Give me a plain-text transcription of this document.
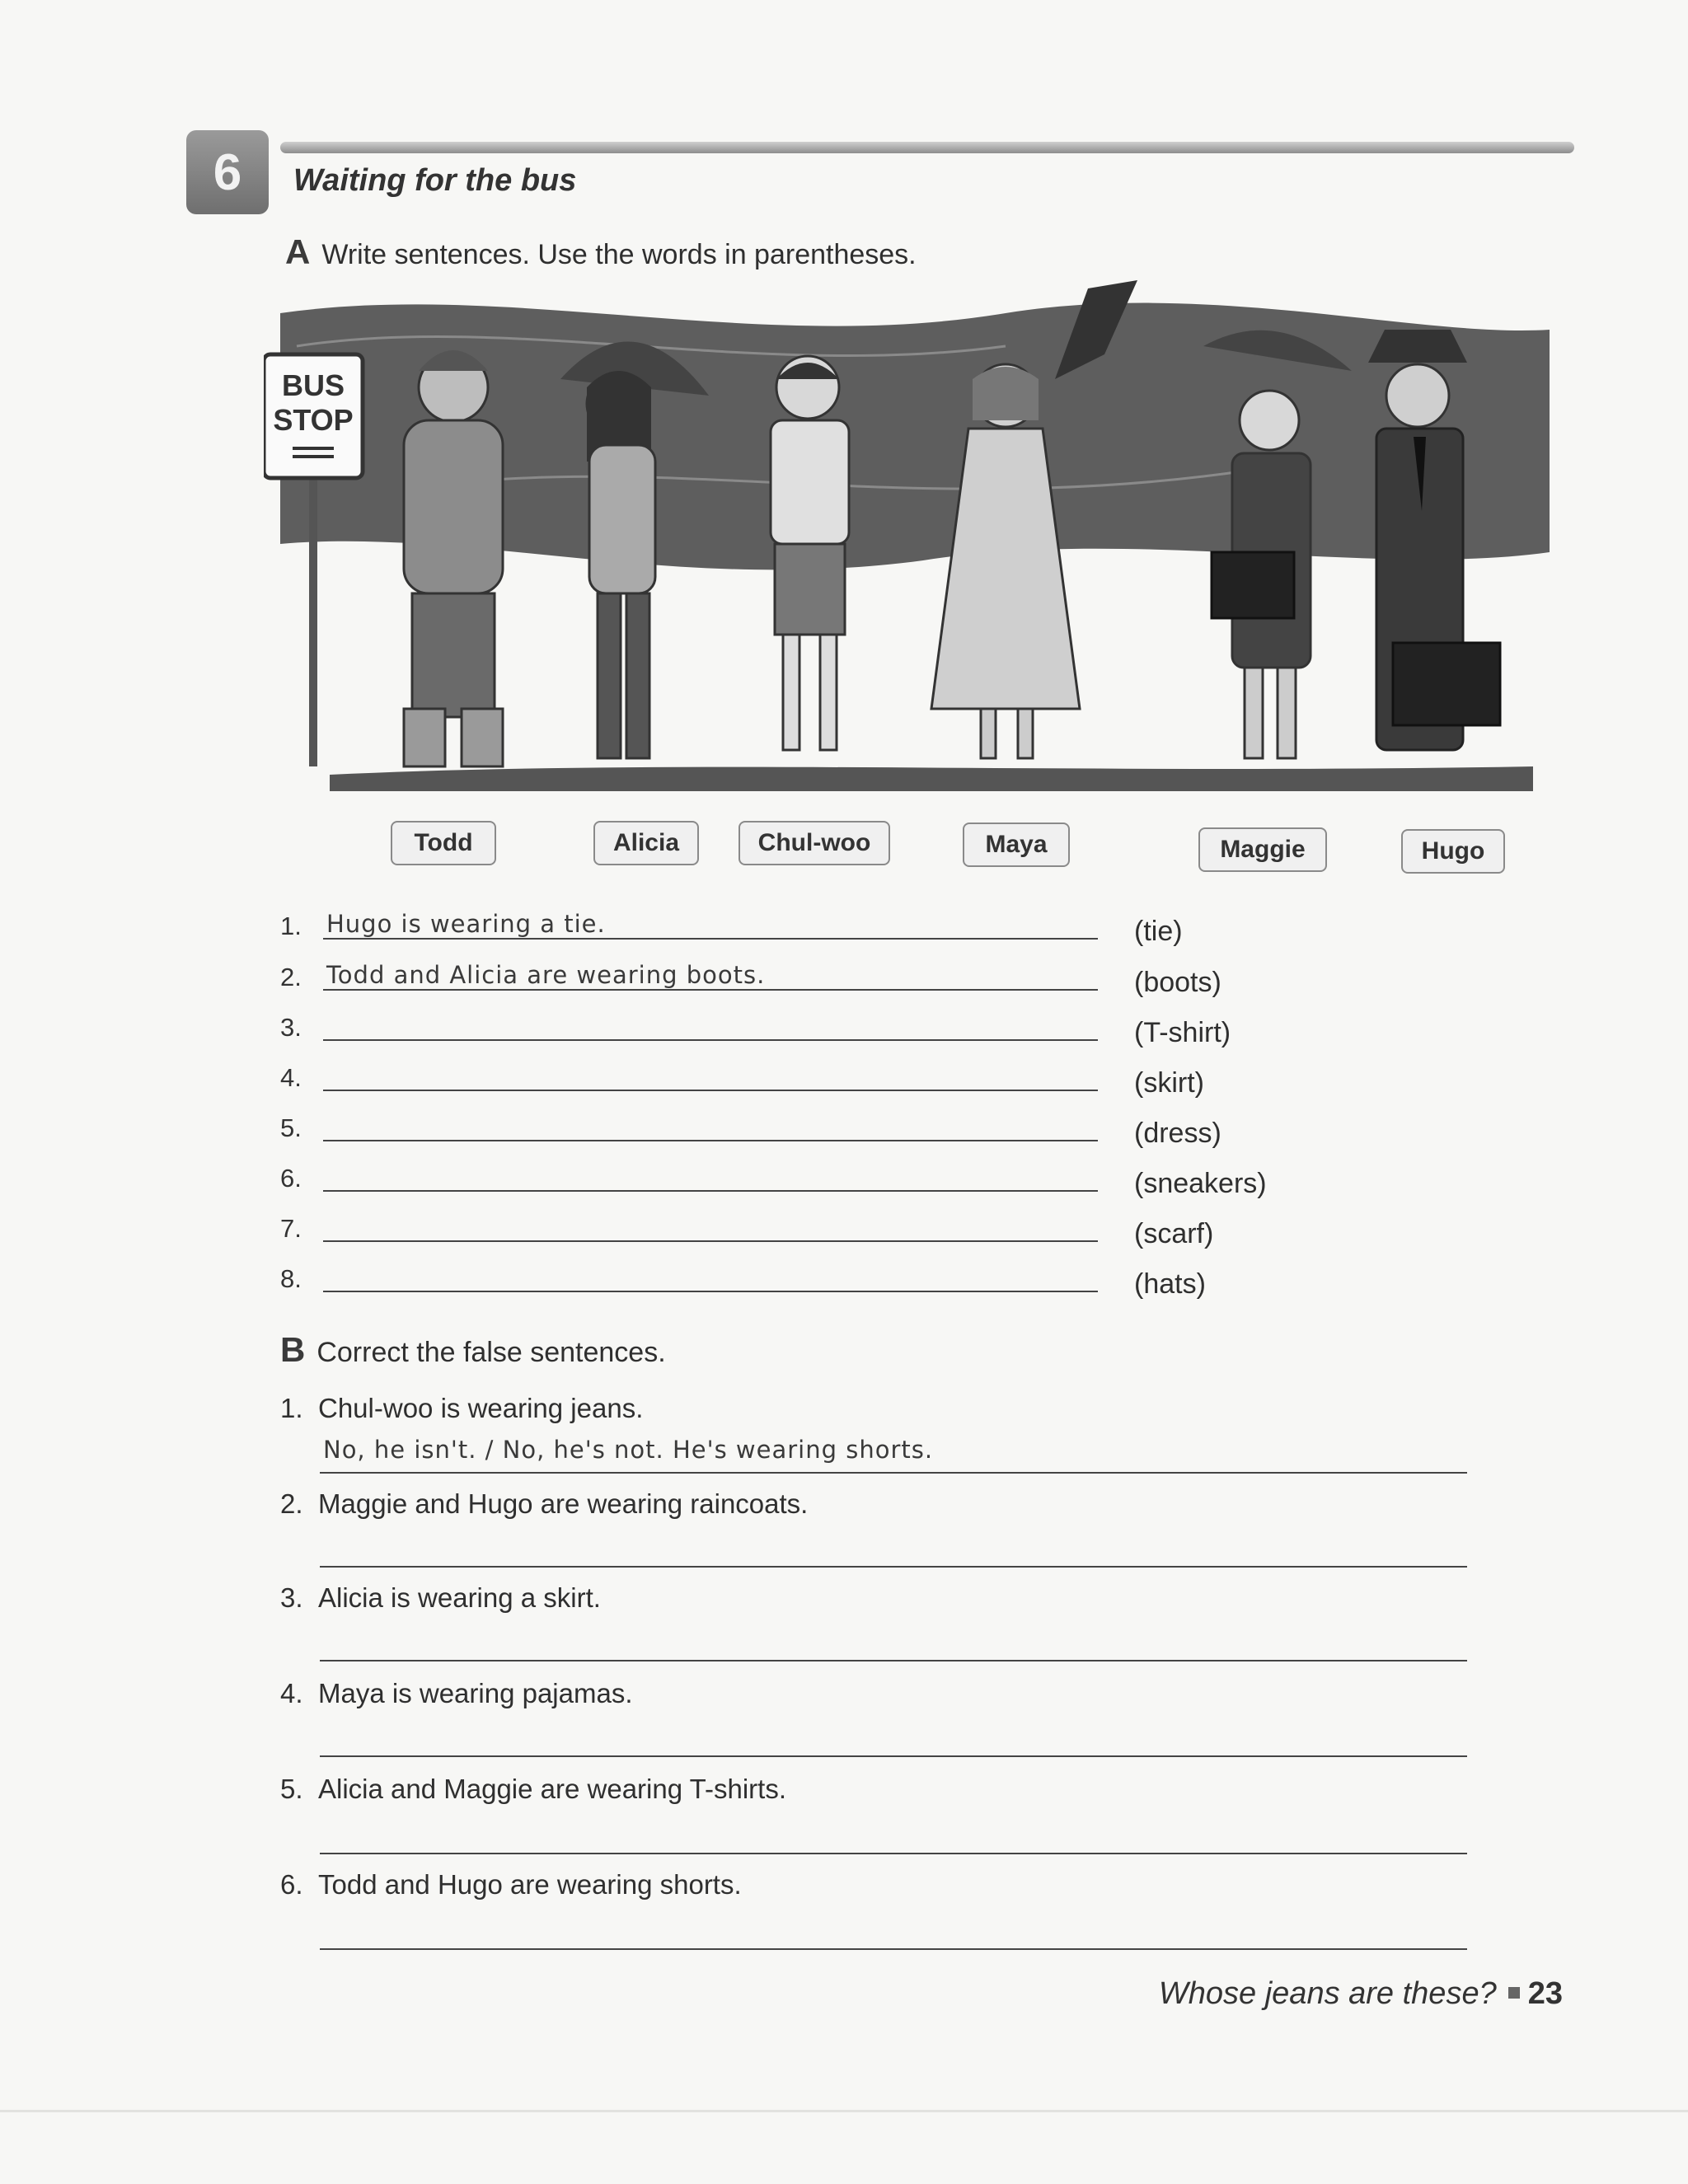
6	Waiting for the bus
A Write sentences. Use the words in parentheses.
BUS
STOP
Todd	Alicia	Chul-woo	Maya	Maggie	Hugo
1. Hugo is wearing a tie.	(tie)
2. Todd and Alicia are wearing boots.	(boots)
3.	(T-shirt)
4.	(skirt)
5.	(dress)
6.	(sneakers)
7.	(scarf)
8.	(hats)
B Correct the false sentences.
1. Chul-woo is wearing jeans.
No, he isn't. / No, he's not. He's wearing shorts.
2. Maggie and Hugo are wearing raincoats.
3. Alicia is wearing a skirt.
4. Maya is wearing pajamas.
5. Alicia and Maggie are wearing T-shirts.
6. Todd and Hugo are wearing shorts.
Whose jeans are these? 23
